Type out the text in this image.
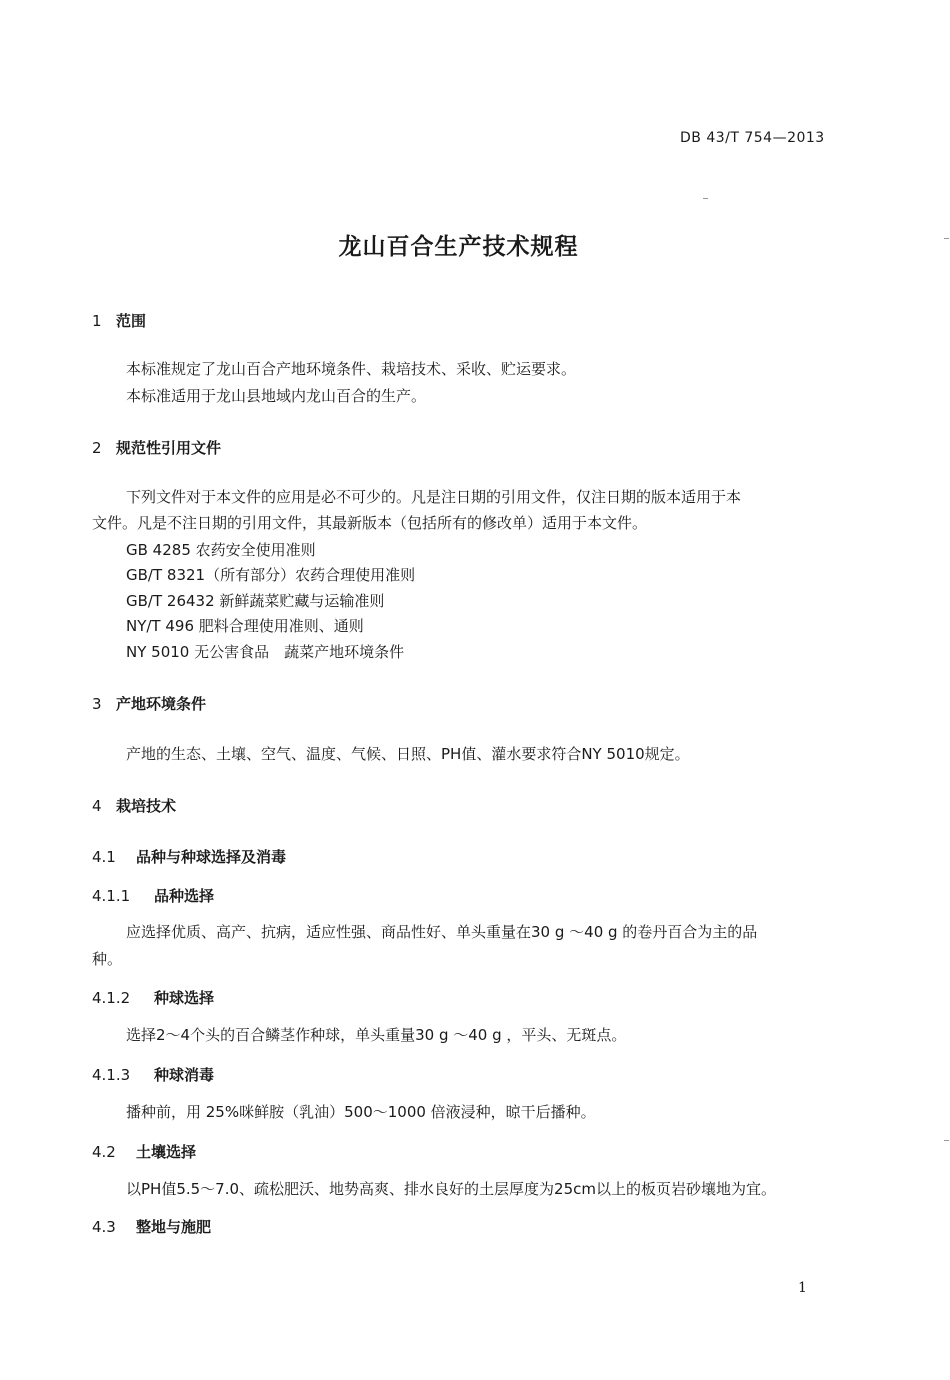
DB 43/T 754—2013
龙山百合生产技术规程
1 范围
本标准规定了龙山百合产地环境条件、栽培技术、采收、贮运要求。
本标准适用于龙山县地域内龙山百合的生产。
2 规范性引用文件
下列文件对于本文件的应用是必不可少的。凡是注日期的引用文件，仅注日期的版本适用于本
文件。凡是不注日期的引用文件，其最新版本（包括所有的修改单）适用于本文件。
GB 4285 农药安全使用准则
GB/T 8321（所有部分）农药合理使用准则
GB/T 26432 新鲜蔬菜贮藏与运输准则
NY/T 496 肥料合理使用准则、通则
NY 5010 无公害食品　蔬菜产地环境条件
3 产地环境条件
产地的生态、土壤、空气、温度、气候、日照、PH值、灌水要求符合NY 5010规定。
4 栽培技术
4.1 品种与种球选择及消毒
4.1.1 品种选择
应选择优质、高产、抗病，适应性强、商品性好、单头重量在30 g ～40 g 的卷丹百合为主的品
种。
4.1.2 种球选择
选择2～4个头的百合鳞茎作种球，单头重量30 g ～40 g ，平头、无斑点。
4.1.3 种球消毒
播种前，用 25%咪鲜胺（乳油）500～1000 倍液浸种，晾干后播种。
4.2 土壤选择
以PH值5.5～7.0、疏松肥沃、地势高爽、排水良好的土层厚度为25cm以上的板页岩砂壤地为宜。
4.3 整地与施肥
1
